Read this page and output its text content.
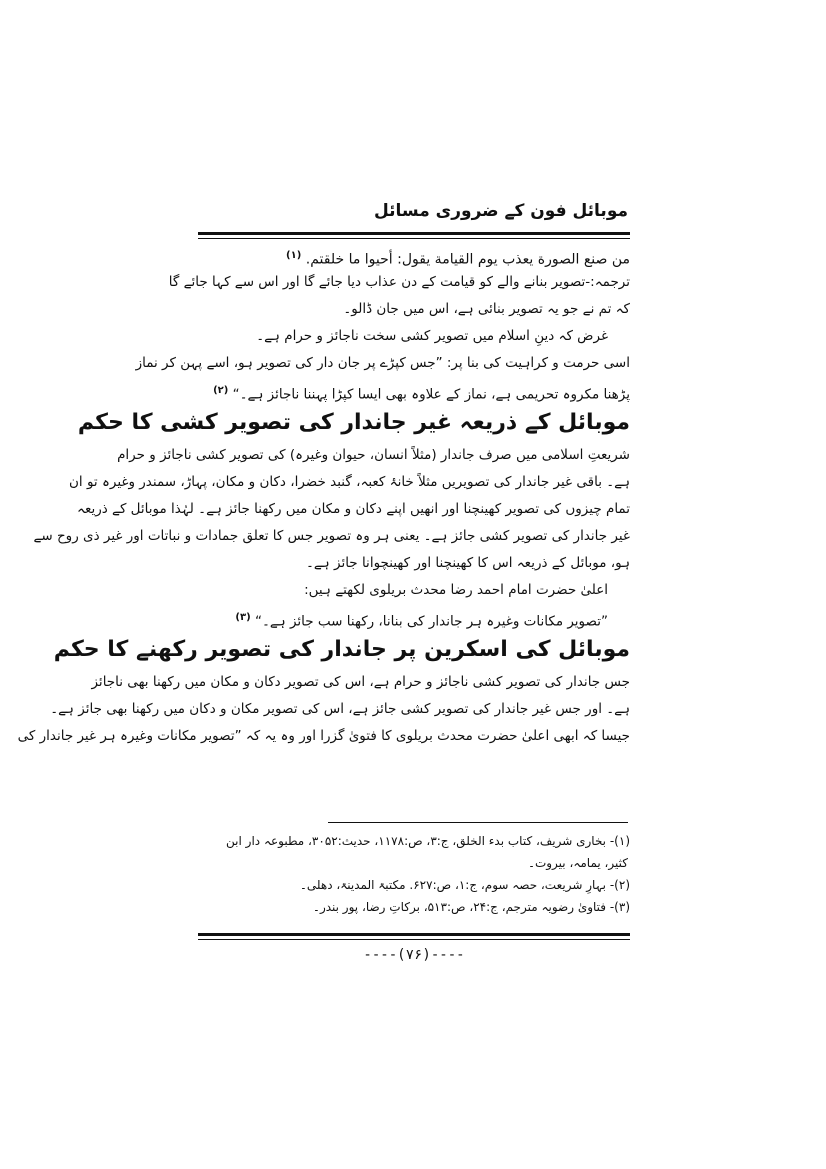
موبائل فون کے ضروری مسائل
من صنع الصورة يعذب يوم القيامة يقول: أحيوا ما خلقتم. $^{(۱)}$
ترجمہ:-تصویر بنانے والے کو قیامت کے دن عذاب دیا جائے گا اور اس سے کہا جائے گا
کہ تم نے جو یہ تصویر بنائی ہے، اس میں جان ڈالو۔
غرض کہ دینِ اسلام میں تصویر کشی سخت ناجائز و حرام ہے۔
اسی حرمت و کراہیت کی بنا پر: ”جس کپڑے پر جان دار کی تصویر ہو، اسے پہن کر نماز
پڑھنا مکروہ تحریمی ہے، نماز کے علاوہ بھی ایسا کپڑا پہننا ناجائز ہے۔“ $^{(۲)}$
موبائل کے ذریعہ غیر جاندار کی تصویر کشی کا حکم
شریعتِ اسلامی میں صرف جاندار (مثلاً انسان، حیوان وغیرہ) کی تصویر کشی ناجائز و حرام
ہے۔ باقی غیر جاندار کی تصویریں مثلاً خانۂ کعبہ، گنبد خضرا، دکان و مکان، پہاڑ، سمندر وغیرہ تو ان
تمام چیزوں کی تصویر کھینچنا اور انھیں اپنے دکان و مکان میں رکھنا جائز ہے۔ لہٰذا موبائل کے ذریعہ
غیر جاندار کی تصویر کشی جائز ہے۔ یعنی ہر وہ تصویر جس کا تعلق جمادات و نباتات اور غیر ذی روح سے
ہو، موبائل کے ذریعہ اس کا کھینچنا اور کھینچوانا جائز ہے۔
اعلیٰ حضرت امام احمد رضا محدث بریلوی لکھتے ہیں:
”تصویر مکانات وغیرہ ہر جاندار کی بنانا، رکھنا سب جائز ہے۔“ $^{(۳)}$
موبائل کی اسکرین پر جاندار کی تصویر رکھنے کا حکم
جس جاندار کی تصویر کشی ناجائز و حرام ہے، اس کی تصویر دکان و مکان میں رکھنا بھی ناجائز
ہے۔ اور جس غیر جاندار کی تصویر کشی جائز ہے، اس کی تصویر مکان و دکان میں رکھنا بھی جائز ہے۔
جیسا کہ ابھی اعلیٰ حضرت محدث بریلوی کا فتویٰ گزرا اور وہ یہ کہ ”تصویر مکانات وغیرہ ہر غیر جاندار کی
(۱)- بخاری شریف، کتاب بدء الخلق، ج:۳، ص:۱۱۷۸، حدیث:۳۰۵۲، مطبوعہ دار ابن
کثیر، یمامہ، بیروت۔
(۲)- بہارِ شریعت، حصہ سوم، ج:۱، ص:۶۲۷. مکتبۃ المدینۃ، دھلی۔
(۳)- فتاویٰ رضویہ مترجم، ج:۲۴، ص:۵۱۳، برکاتِ رضا، پور بندر۔
----(۷۶)----
